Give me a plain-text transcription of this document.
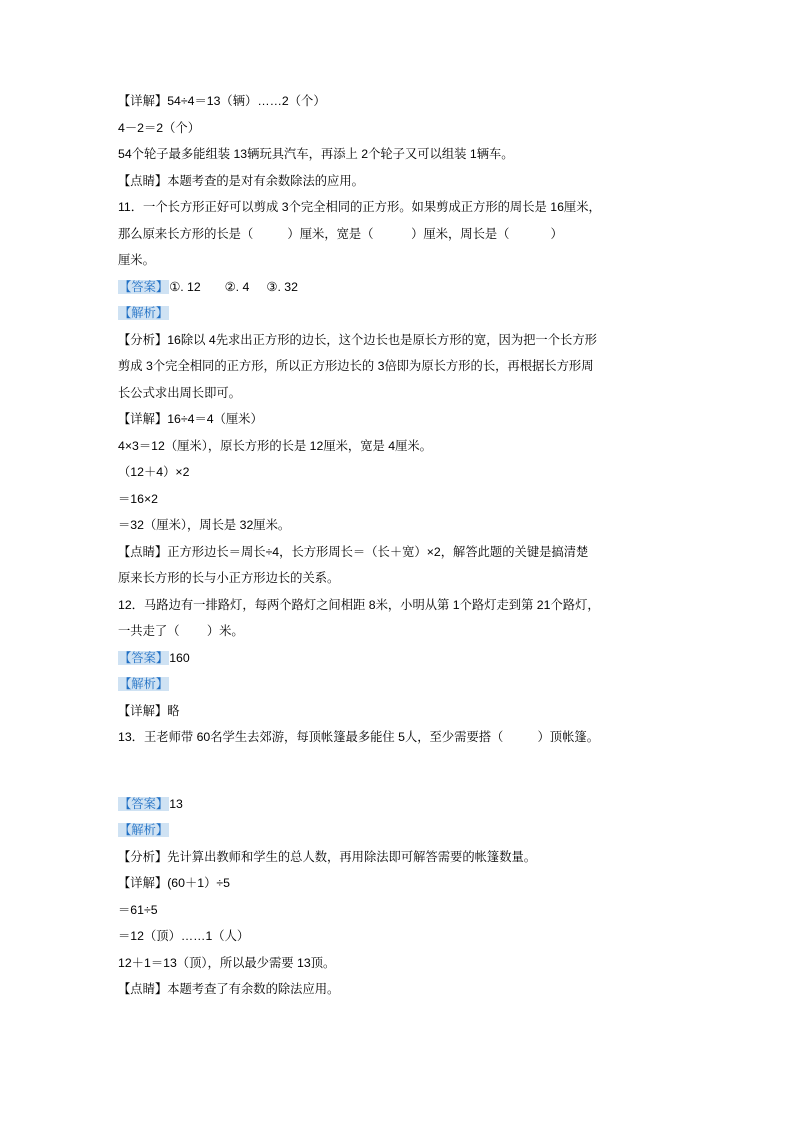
【详解】54÷4＝13（辆）……2（个）
4－2＝2（个）
54个轮子最多能组装 13辆玩具汽车，再添上 2个轮子又可以组装 1辆车。
【点睛】本题考查的是对有余数除法的应用。
11．一个长方形正好可以剪成 3个完全相同的正方形。如果剪成正方形的周长是 16厘米，
那么原来长方形的长是（          ）厘米，宽是（           ）厘米，周长是（            ）
厘米。
【答案】①. 12       ②. 4     ③. 32
【解析】
【分析】16除以 4先求出正方形的边长，这个边长也是原长方形的宽，因为把一个长方形
剪成 3个完全相同的正方形，所以正方形边长的 3倍即为原长方形的长，再根据长方形周
长公式求出周长即可。
【详解】16÷4＝4（厘米）
4×3＝12（厘米），原长方形的长是 12厘米，宽是 4厘米。
（12＋4）×2
＝16×2
＝32（厘米），周长是 32厘米。
【点睛】正方形边长＝周长÷4，长方形周长＝（长＋宽）×2，解答此题的关键是搞清楚
原来长方形的长与小正方形边长的关系。
12．马路边有一排路灯，每两个路灯之间相距 8米，小明从第 1个路灯走到第 21个路灯，
一共走了（        ）米。
【答案】160
【解析】
【详解】略
13．王老师带 60名学生去郊游，每顶帐篷最多能住 5人，至少需要搭（          ）顶帐篷。
【答案】13
【解析】
【分析】先计算出教师和学生的总人数，再用除法即可解答需要的帐篷数量。
【详解】(60＋1）÷5
＝61÷5
＝12（顶）……1（人）
12＋1＝13（顶），所以最少需要 13顶。
【点睛】本题考查了有余数的除法应用。
